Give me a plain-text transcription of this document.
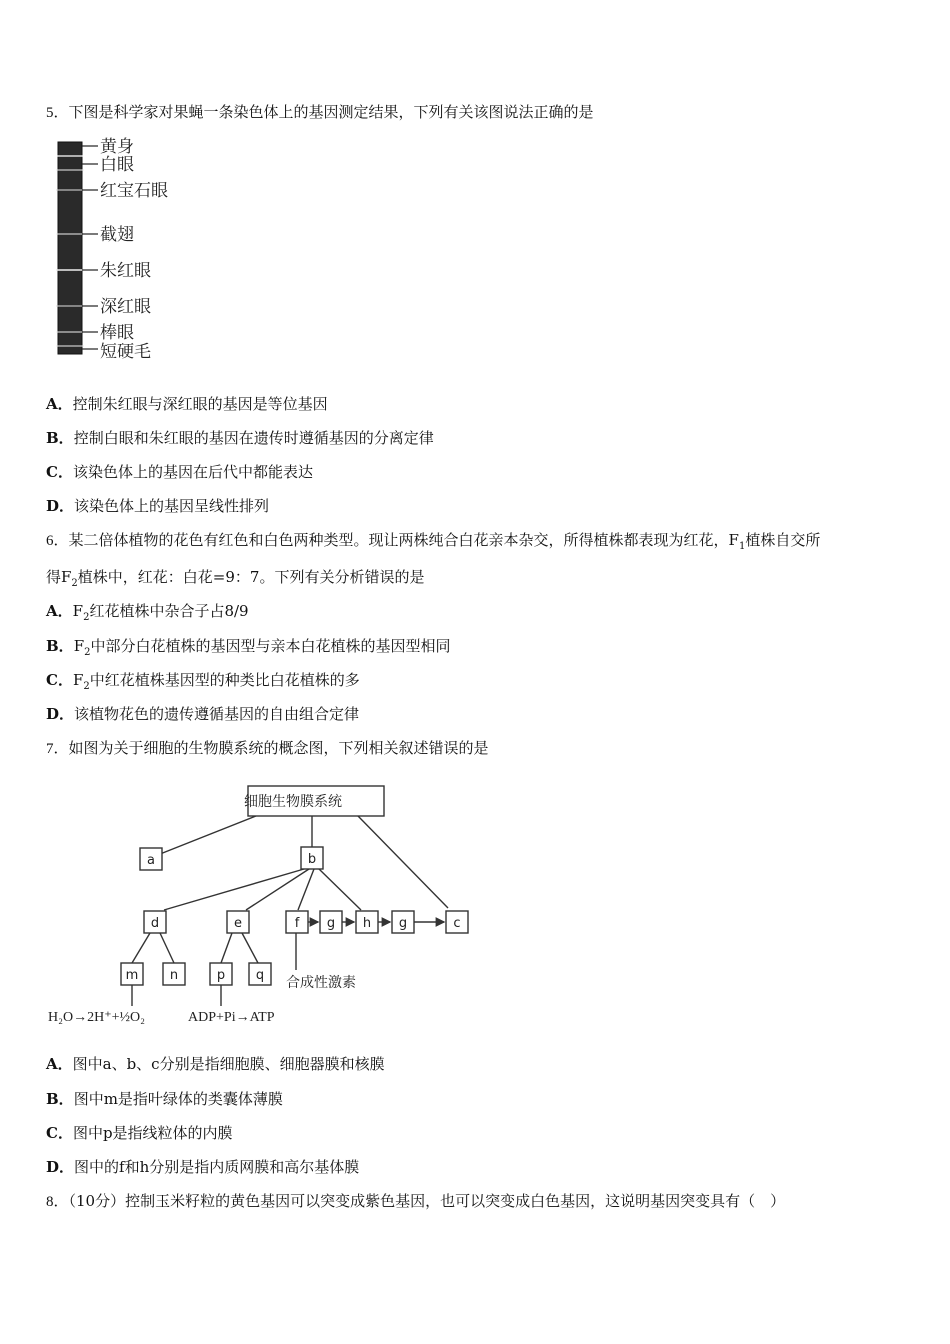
5．下图是科学家对果蝇一条染色体上的基因测定结果，下列有关该图说法正确的是
黄身
白眼
红宝石眼
截翅
朱红眼
深红眼
棒眼
短硬毛
A．控制朱红眼与深红眼的基因是等位基因
B．控制白眼和朱红眼的基因在遗传时遵循基因的分离定律
C．该染色体上的基因在后代中都能表达
D．该染色体上的基因呈线性排列
6．某二倍体植物的花色有红色和白色两种类型。现让两株纯合白花亲本杂交，所得植株都表现为红花，$F_1$植株自交所
得$F_2$植株中，红花：白花=9：7。下列有关分析错误的是
A．$F_2$红花植株中杂合子占8/9
B．$F_2$中部分白花植株的基因型与亲本白花植株的基因型相同
C．$F_2$中红花植株基因型的种类比白花植株的多
D．该植物花色的遗传遵循基因的自由组合定律
7．如图为关于细胞的生物膜系统的概念图，下列相关叙述错误的是
细胞生物膜系统
a	b
d	e	f g h g	c
m n	p q 合成性激素
H₂O→2H⁺+½O₂	ADP+Pi→ATP
A．图中a、b、c分别是指细胞膜、细胞器膜和核膜
B．图中m是指叶绿体的类囊体薄膜
C．图中p是指线粒体的内膜
D．图中的f和h分别是指内质网膜和高尔基体膜
8．（10分）控制玉米籽粒的黄色基因可以突变成紫色基因，也可以突变成白色基因，这说明基因突变具有（　）
